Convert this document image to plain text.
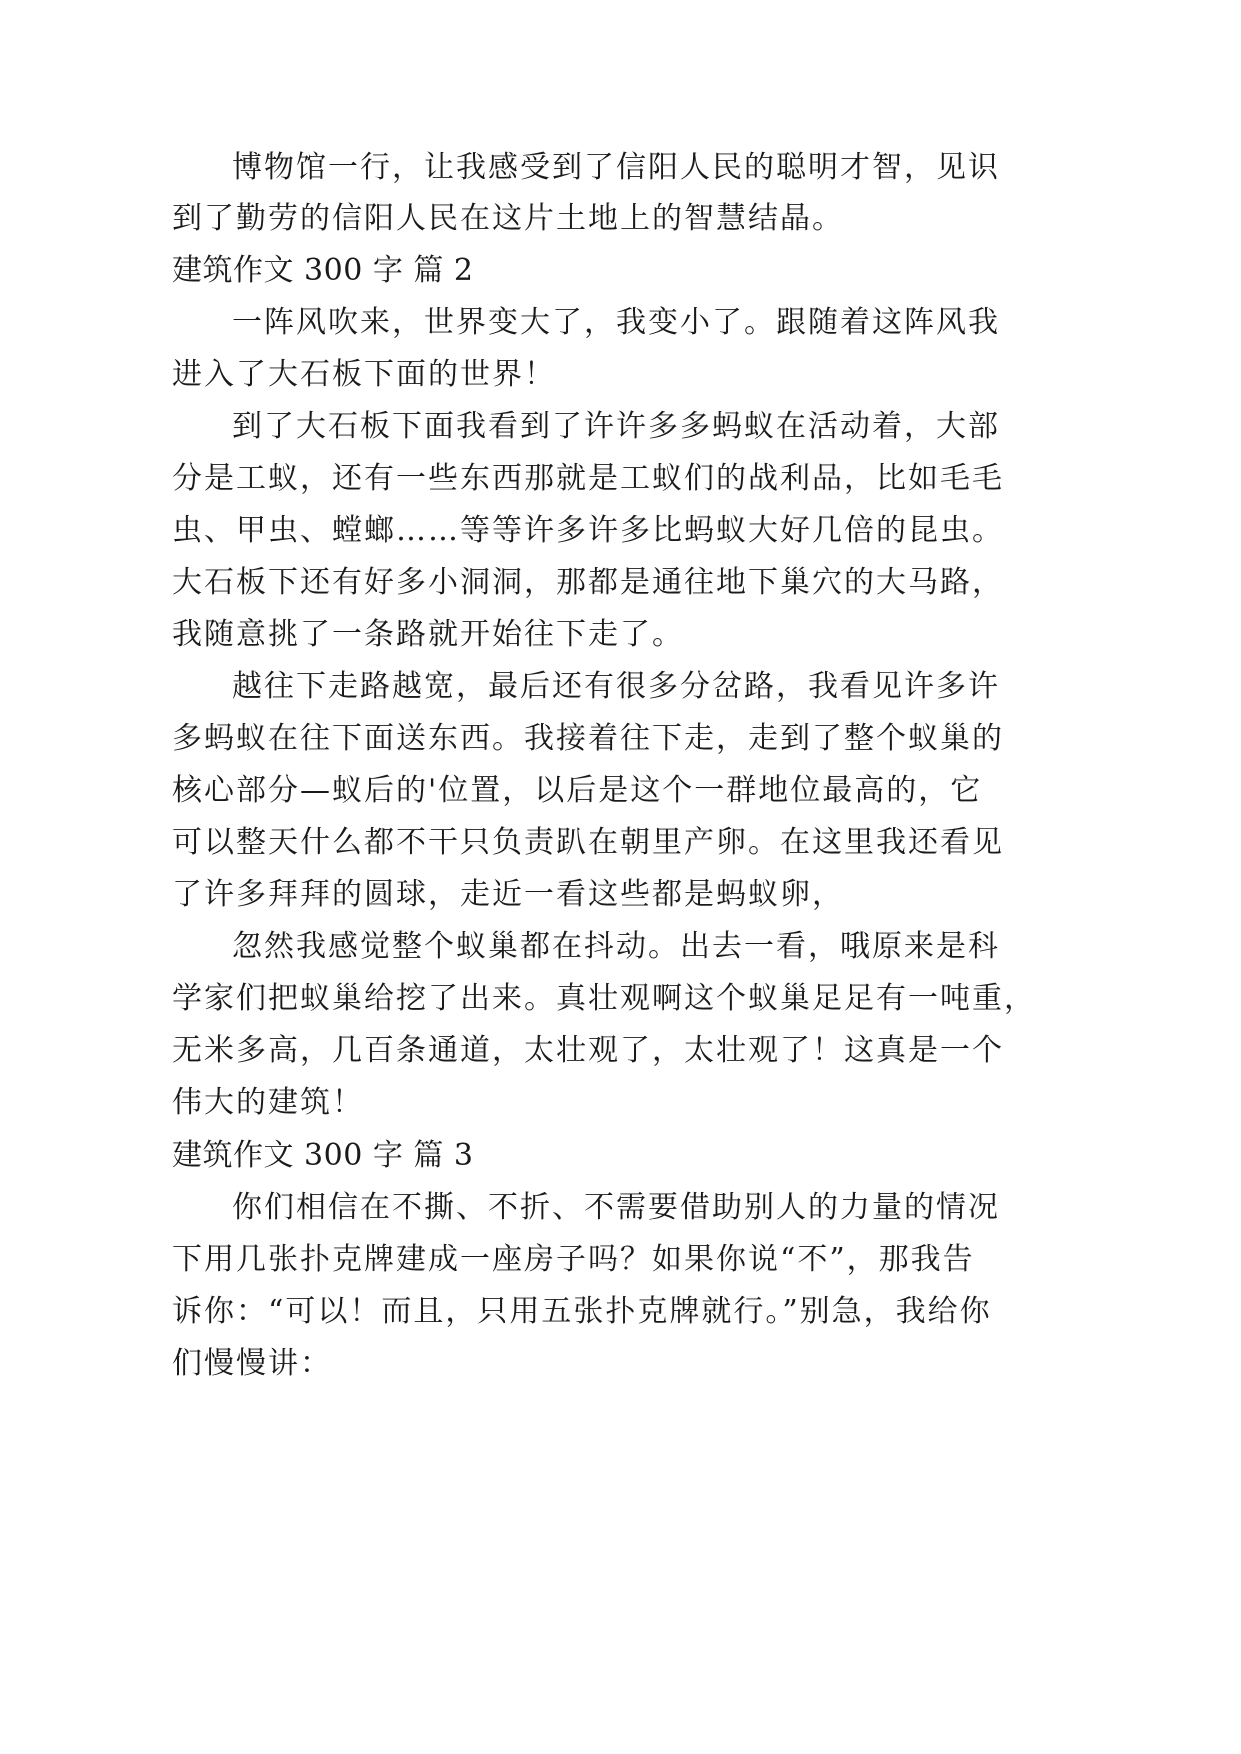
博物馆一行，让我感受到了信阳人民的聪明才智，见识
到了勤劳的信阳人民在这片土地上的智慧结晶。
建筑作文 300 字 篇 2
一阵风吹来，世界变大了，我变小了。跟随着这阵风我
进入了大石板下面的世界！
到了大石板下面我看到了许许多多蚂蚁在活动着，大部
分是工蚁，还有一些东西那就是工蚁们的战利品，比如毛毛
虫、甲虫、螳螂……等等许多许多比蚂蚁大好几倍的昆虫。
大石板下还有好多小洞洞，那都是通往地下巢穴的大马路，
我随意挑了一条路就开始往下走了。
越往下走路越宽，最后还有很多分岔路，我看见许多许
多蚂蚁在往下面送东西。我接着往下走，走到了整个蚁巢的
核心部分—蚁后的'位置，以后是这个一群地位最高的，它
可以整天什么都不干只负责趴在朝里产卵。在这里我还看见
了许多拜拜的圆球，走近一看这些都是蚂蚁卵，
忽然我感觉整个蚁巢都在抖动。出去一看，哦原来是科
学家们把蚁巢给挖了出来。真壮观啊这个蚁巢足足有一吨重，
无米多高，几百条通道，太壮观了，太壮观了！这真是一个
伟大的建筑！
建筑作文 300 字 篇 3
你们相信在不撕、不折、不需要借助别人的力量的情况
下用几张扑克牌建成一座房子吗？如果你说“不”，那我告
诉你：“可以！而且，只用五张扑克牌就行。”别急，我给你
们慢慢讲：
